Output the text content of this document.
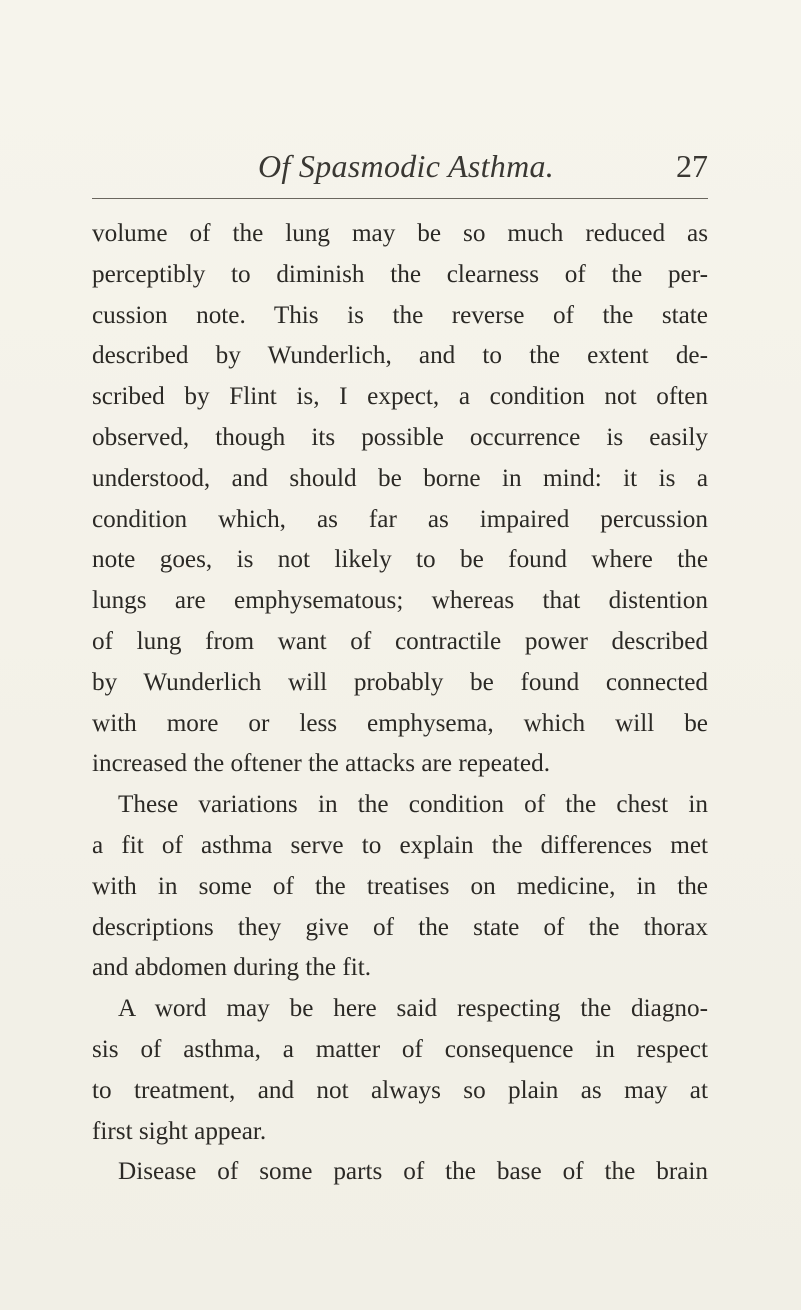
Of Spasmodic Asthma.	27
volume of the lung may be so much reduced as
perceptibly to diminish the clearness of the per-
cussion note. This is the reverse of the state
described by Wunderlich, and to the extent de-
scribed by Flint is, I expect, a condition not often
observed, though its possible occurrence is easily
understood, and should be borne in mind: it is a
condition which, as far as impaired percussion
note goes, is not likely to be found where the
lungs are emphysematous; whereas that distention
of lung from want of contractile power described
by Wunderlich will probably be found connected
with more or less emphysema, which will be
increased the oftener the attacks are repeated.
These variations in the condition of the chest in
a fit of asthma serve to explain the differences met
with in some of the treatises on medicine, in the
descriptions they give of the state of the thorax
and abdomen during the fit.
A word may be here said respecting the diagno-
sis of asthma, a matter of consequence in respect
to treatment, and not always so plain as may at
first sight appear.
Disease of some parts of the base of the brain
